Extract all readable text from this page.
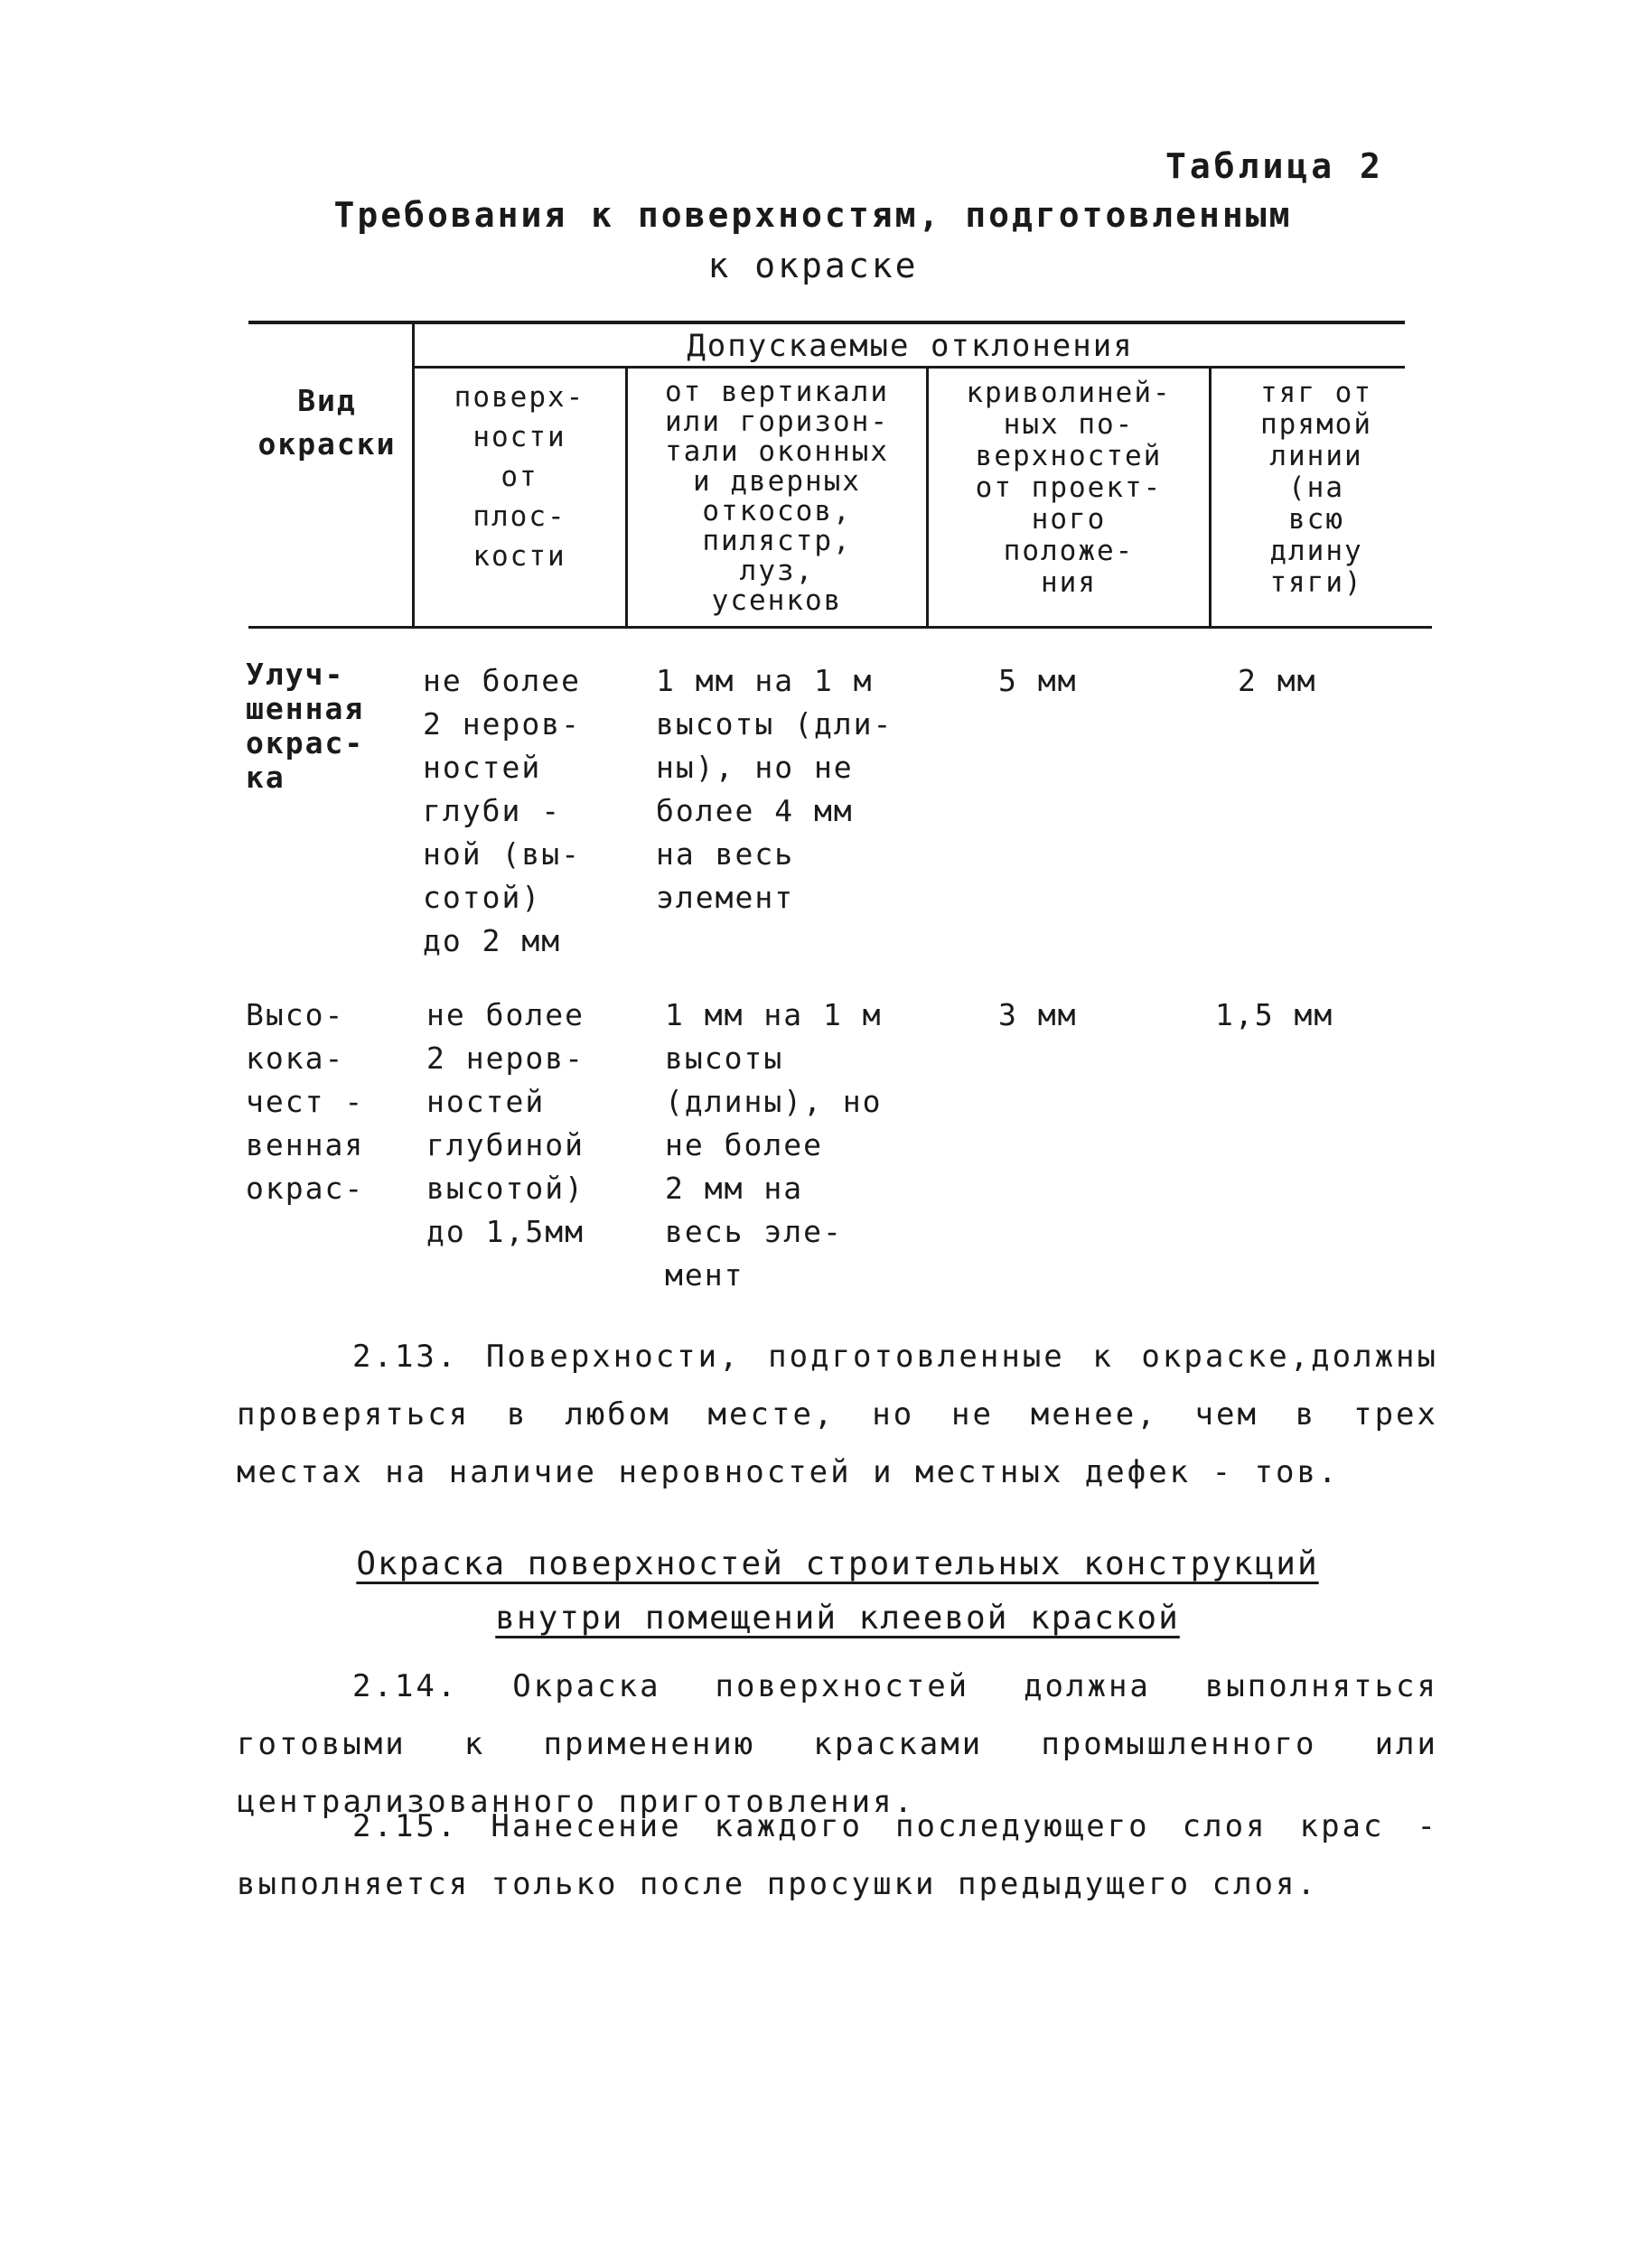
Таблица 2
Требования к поверхностям, подготовленным
к окраске
Вид
окраски
Допускаемые отклонения
поверх-
ности
от
плос-
кости
от вертикали
или горизон-
тали оконных
и дверных
откосов,
пилястр,
луз,
усенков
криволиней-
ных по-
верхностей
от проект-
ного
положе-
ния
тяг от
прямой
линии
(на
всю
длину
тяги)
Улуч-
шенная
окрас-
ка
не более
2 неров-
ностей
глуби -
ной (вы-
сотой)
до 2 мм
1 мм на 1 м
высоты (дли-
ны), но не
более 4 мм
на весь
элемент
5 мм	2 мм
Высо-
кока-
чест -
венная
окрас-
не более
2 неров-
ностей
глубиной
высотой)
до 1,5мм
1 мм на 1 м
высоты
(длины), но
не более
2 мм на
весь эле-
мент
3 мм	1,5 мм
2.13. Поверхности, подготовленные к окраске,должны проверяться в любом месте, но не менее, чем в трех местах на наличие неровностей и местных дефек - тов.
Окраска поверхностей строительных конструкций
внутри помещений клеевой краской
2.14. Окраска поверхностей должна выполняться готовыми к применению красками промышленного или централизованного приготовления.
2.15. Нанесение каждого последующего слоя крас - выполняется только после просушки предыдущего слоя.
